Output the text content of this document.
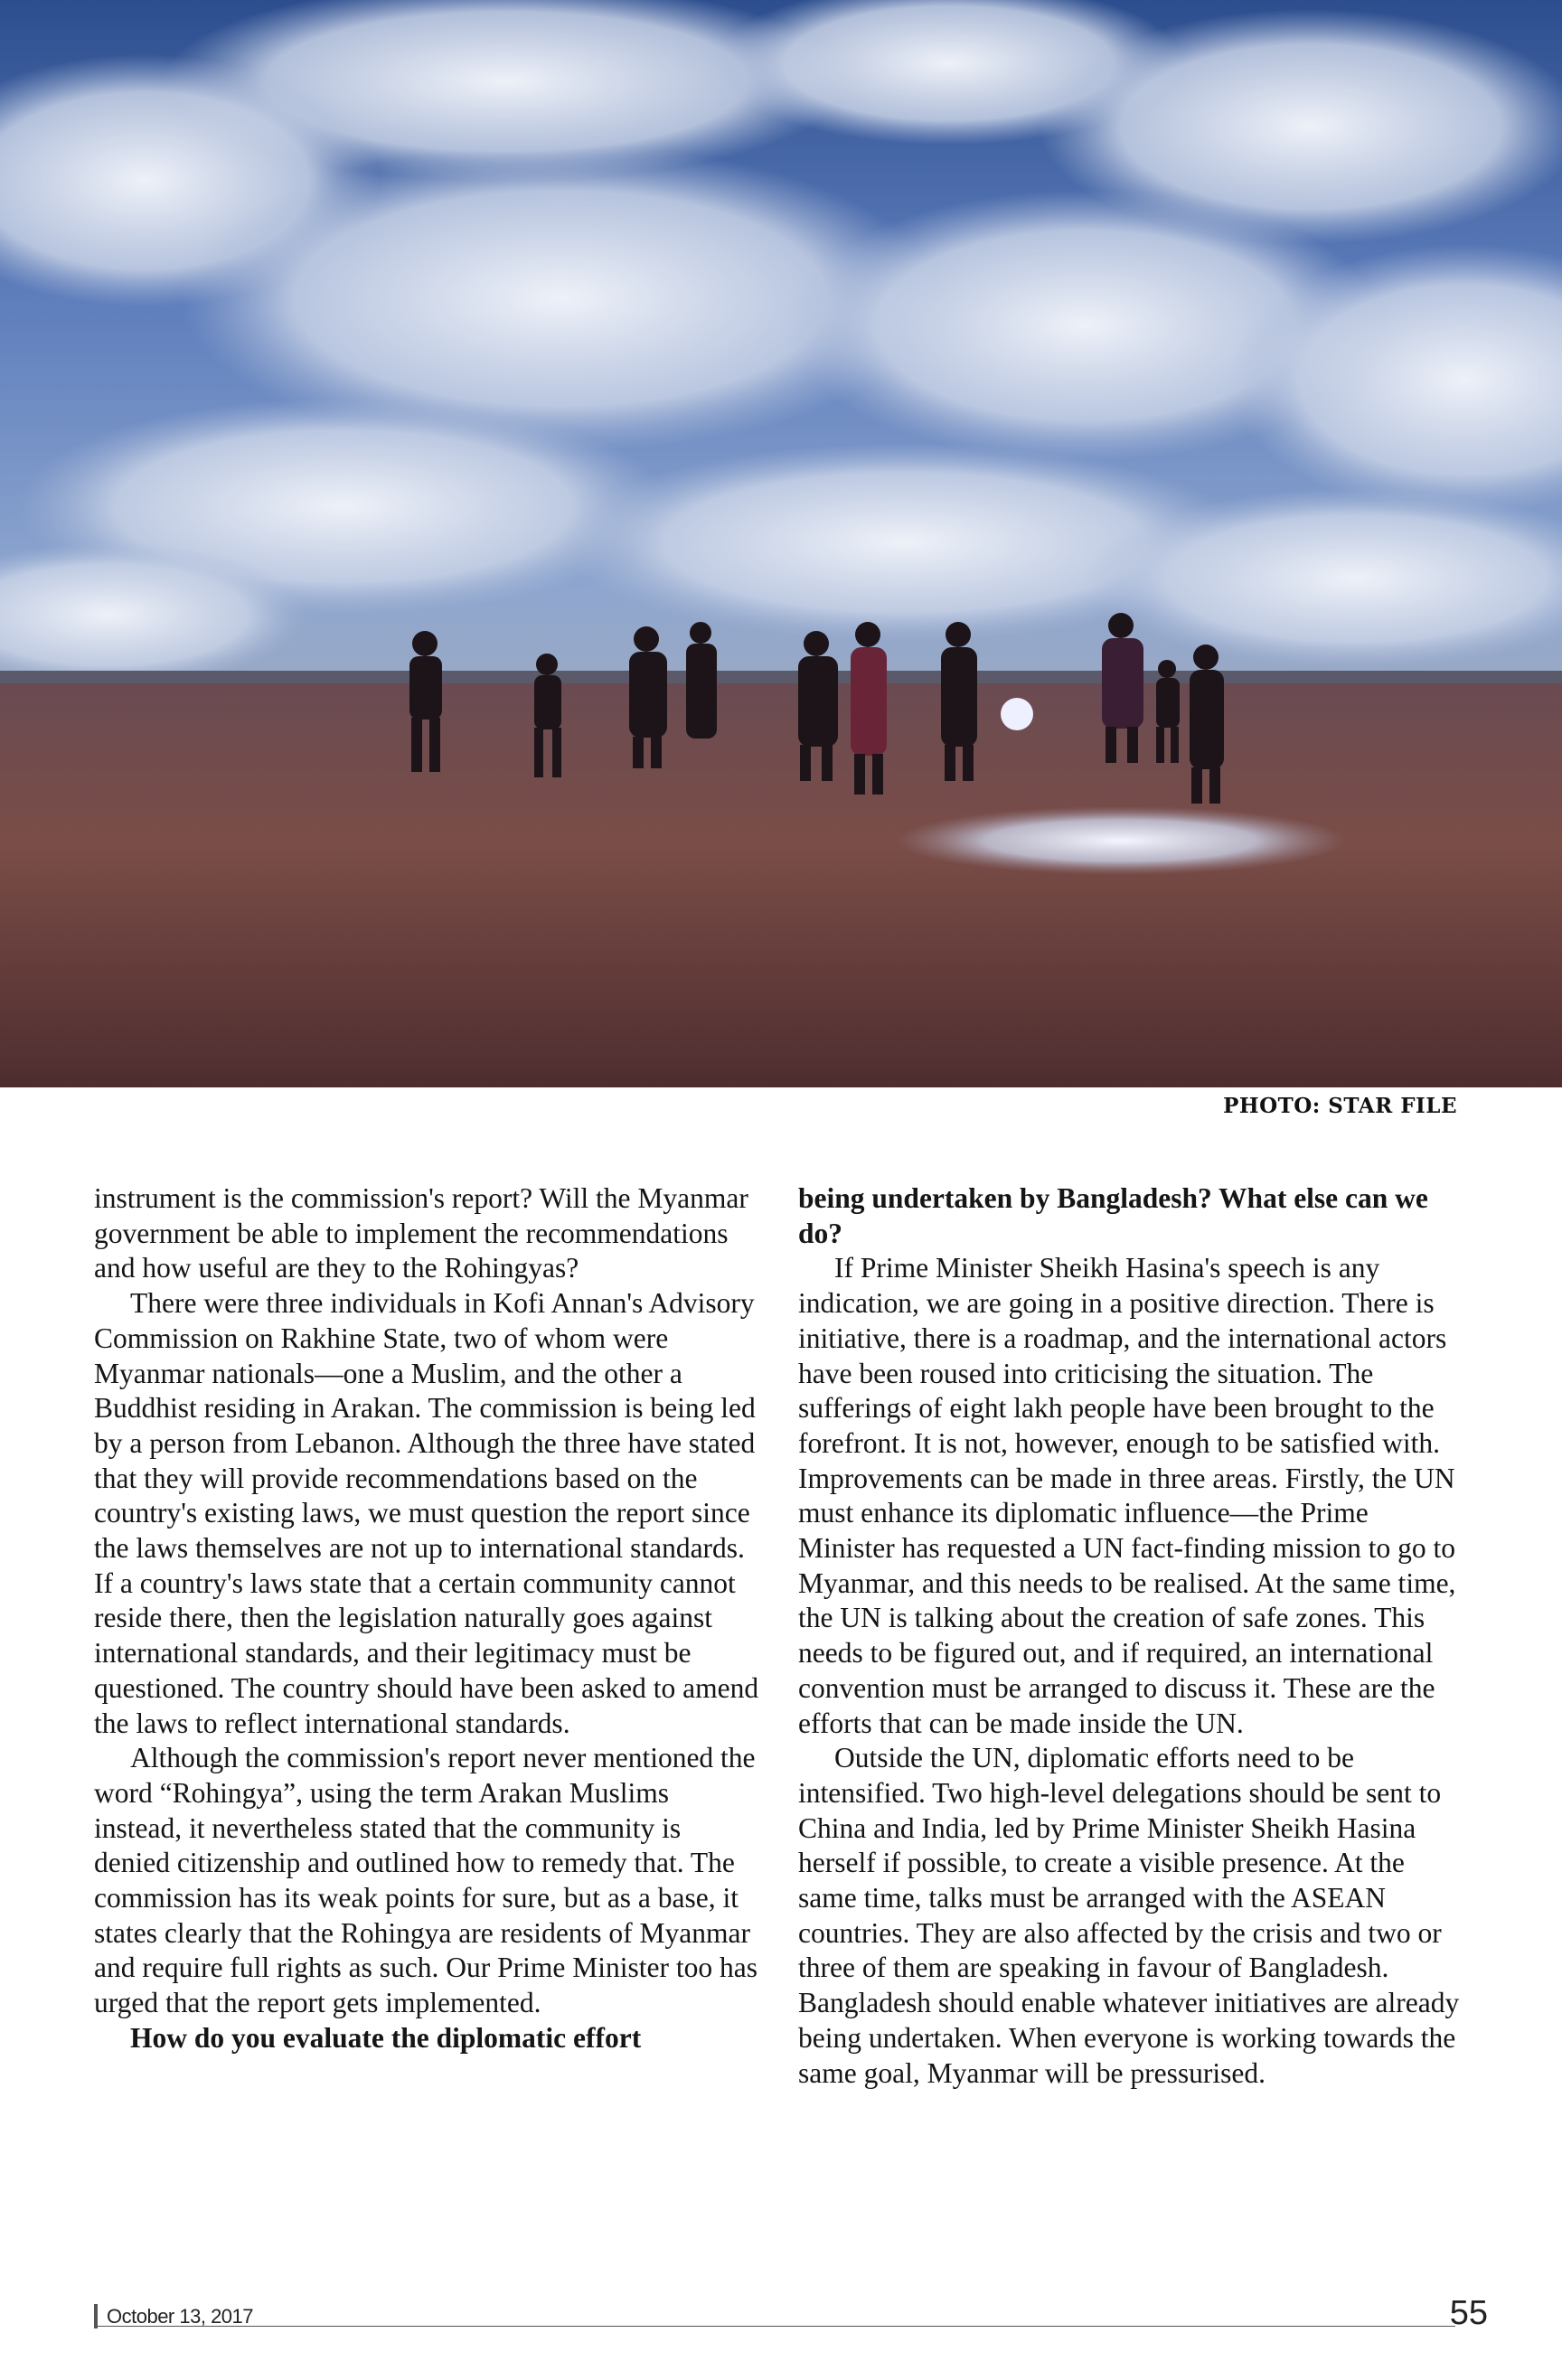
PHOTO: STAR FILE

instrument is the commission's report? Will the Myanmar government be able to implement the recommendations and how useful are they to the Rohingyas?

There were three individuals in Kofi Annan's Advisory Commission on Rakhine State, two of whom were Myanmar nationals—one a Muslim, and the other a Buddhist residing in Arakan. The commission is being led by a person from Lebanon. Although the three have stated that they will provide recommendations based on the country's existing laws, we must question the report since the laws themselves are not up to international standards. If a country's laws state that a certain community cannot reside there, then the legislation naturally goes against international standards, and their legitimacy must be questioned. The country should have been asked to amend the laws to reflect international standards.

Although the commission's report never mentioned the word “Rohingya”, using the term Arakan Muslims instead, it nevertheless stated that the community is denied citizenship and outlined how to remedy that. The commission has its weak points for sure, but as a base, it states clearly that the Rohingya are residents of Myanmar and require full rights as such. Our Prime Minister too has urged that the report gets implemented.

How do you evaluate the diplomatic effort

being undertaken by Bangladesh? What else can we do?

If Prime Minister Sheikh Hasina's speech is any indication, we are going in a positive direction. There is initiative, there is a roadmap, and the international actors have been roused into criticising the situation. The sufferings of eight lakh people have been brought to the forefront. It is not, however, enough to be satisfied with. Improvements can be made in three areas. Firstly, the UN must enhance its diplomatic influence—the Prime Minister has requested a UN fact-finding mission to go to Myanmar, and this needs to be realised. At the same time, the UN is talking about the creation of safe zones. This needs to be figured out, and if required, an international convention must be arranged to discuss it. These are the efforts that can be made inside the UN.

Outside the UN, diplomatic efforts need to be intensified. Two high-level delegations should be sent to China and India, led by Prime Minister Sheikh Hasina herself if possible, to create a visible presence. At the same time, talks must be arranged with the ASEAN countries. They are also affected by the crisis and two or three of them are speaking in favour of Bangladesh. Bangladesh should enable whatever initiatives are already being undertaken. When everyone is working towards the same goal, Myanmar will be pressurised.

October 13, 2017	55
